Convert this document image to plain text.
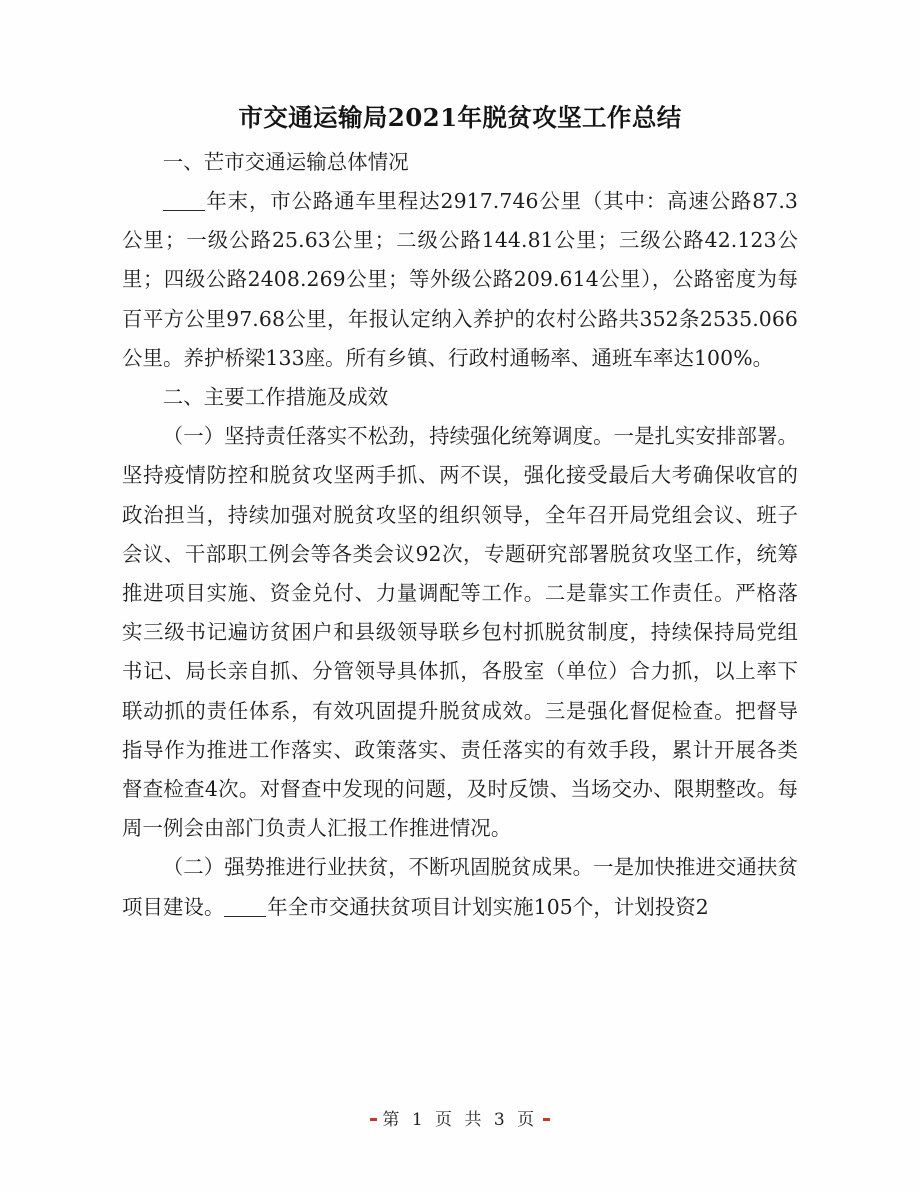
市交通运输局2021年脱贫攻坚工作总结

一、芒市交通运输总体情况

年末，市公路通车里程达2917.746公里（其中：高速公路87.3公里；一级公路25.63公里；二级公路144.81公里；三级公路42.123公里；四级公路2408.269公里；等外级公路209.614公里），公路密度为每百平方公里97.68公里，年报认定纳入养护的农村公路共352条2535.066公里。养护桥梁133座。所有乡镇、行政村通畅率、通班车率达100%。

二、主要工作措施及成效

（一）坚持责任落实不松劲，持续强化统筹调度。一是扎实安排部署。坚持疫情防控和脱贫攻坚两手抓、两不误，强化接受最后大考确保收官的政治担当，持续加强对脱贫攻坚的组织领导，全年召开局党组会议、班子会议、干部职工例会等各类会议92次，专题研究部署脱贫攻坚工作，统筹推进项目实施、资金兑付、力量调配等工作。二是靠实工作责任。严格落实三级书记遍访贫困户和县级领导联乡包村抓脱贫制度，持续保持局党组书记、局长亲自抓、分管领导具体抓，各股室（单位）合力抓，以上率下联动抓的责任体系，有效巩固提升脱贫成效。三是强化督促检查。把督导指导作为推进工作落实、政策落实、责任落实的有效手段，累计开展各类督查检查4次。对督查中发现的问题，及时反馈、当场交办、限期整改。每周一例会由部门负责人汇报工作推进情况。

（二）强势推进行业扶贫，不断巩固脱贫成果。一是加快推进交通扶贫项目建设。 年全市交通扶贫项目计划实施105个，计划投资2

第 1 页 共 3 页
